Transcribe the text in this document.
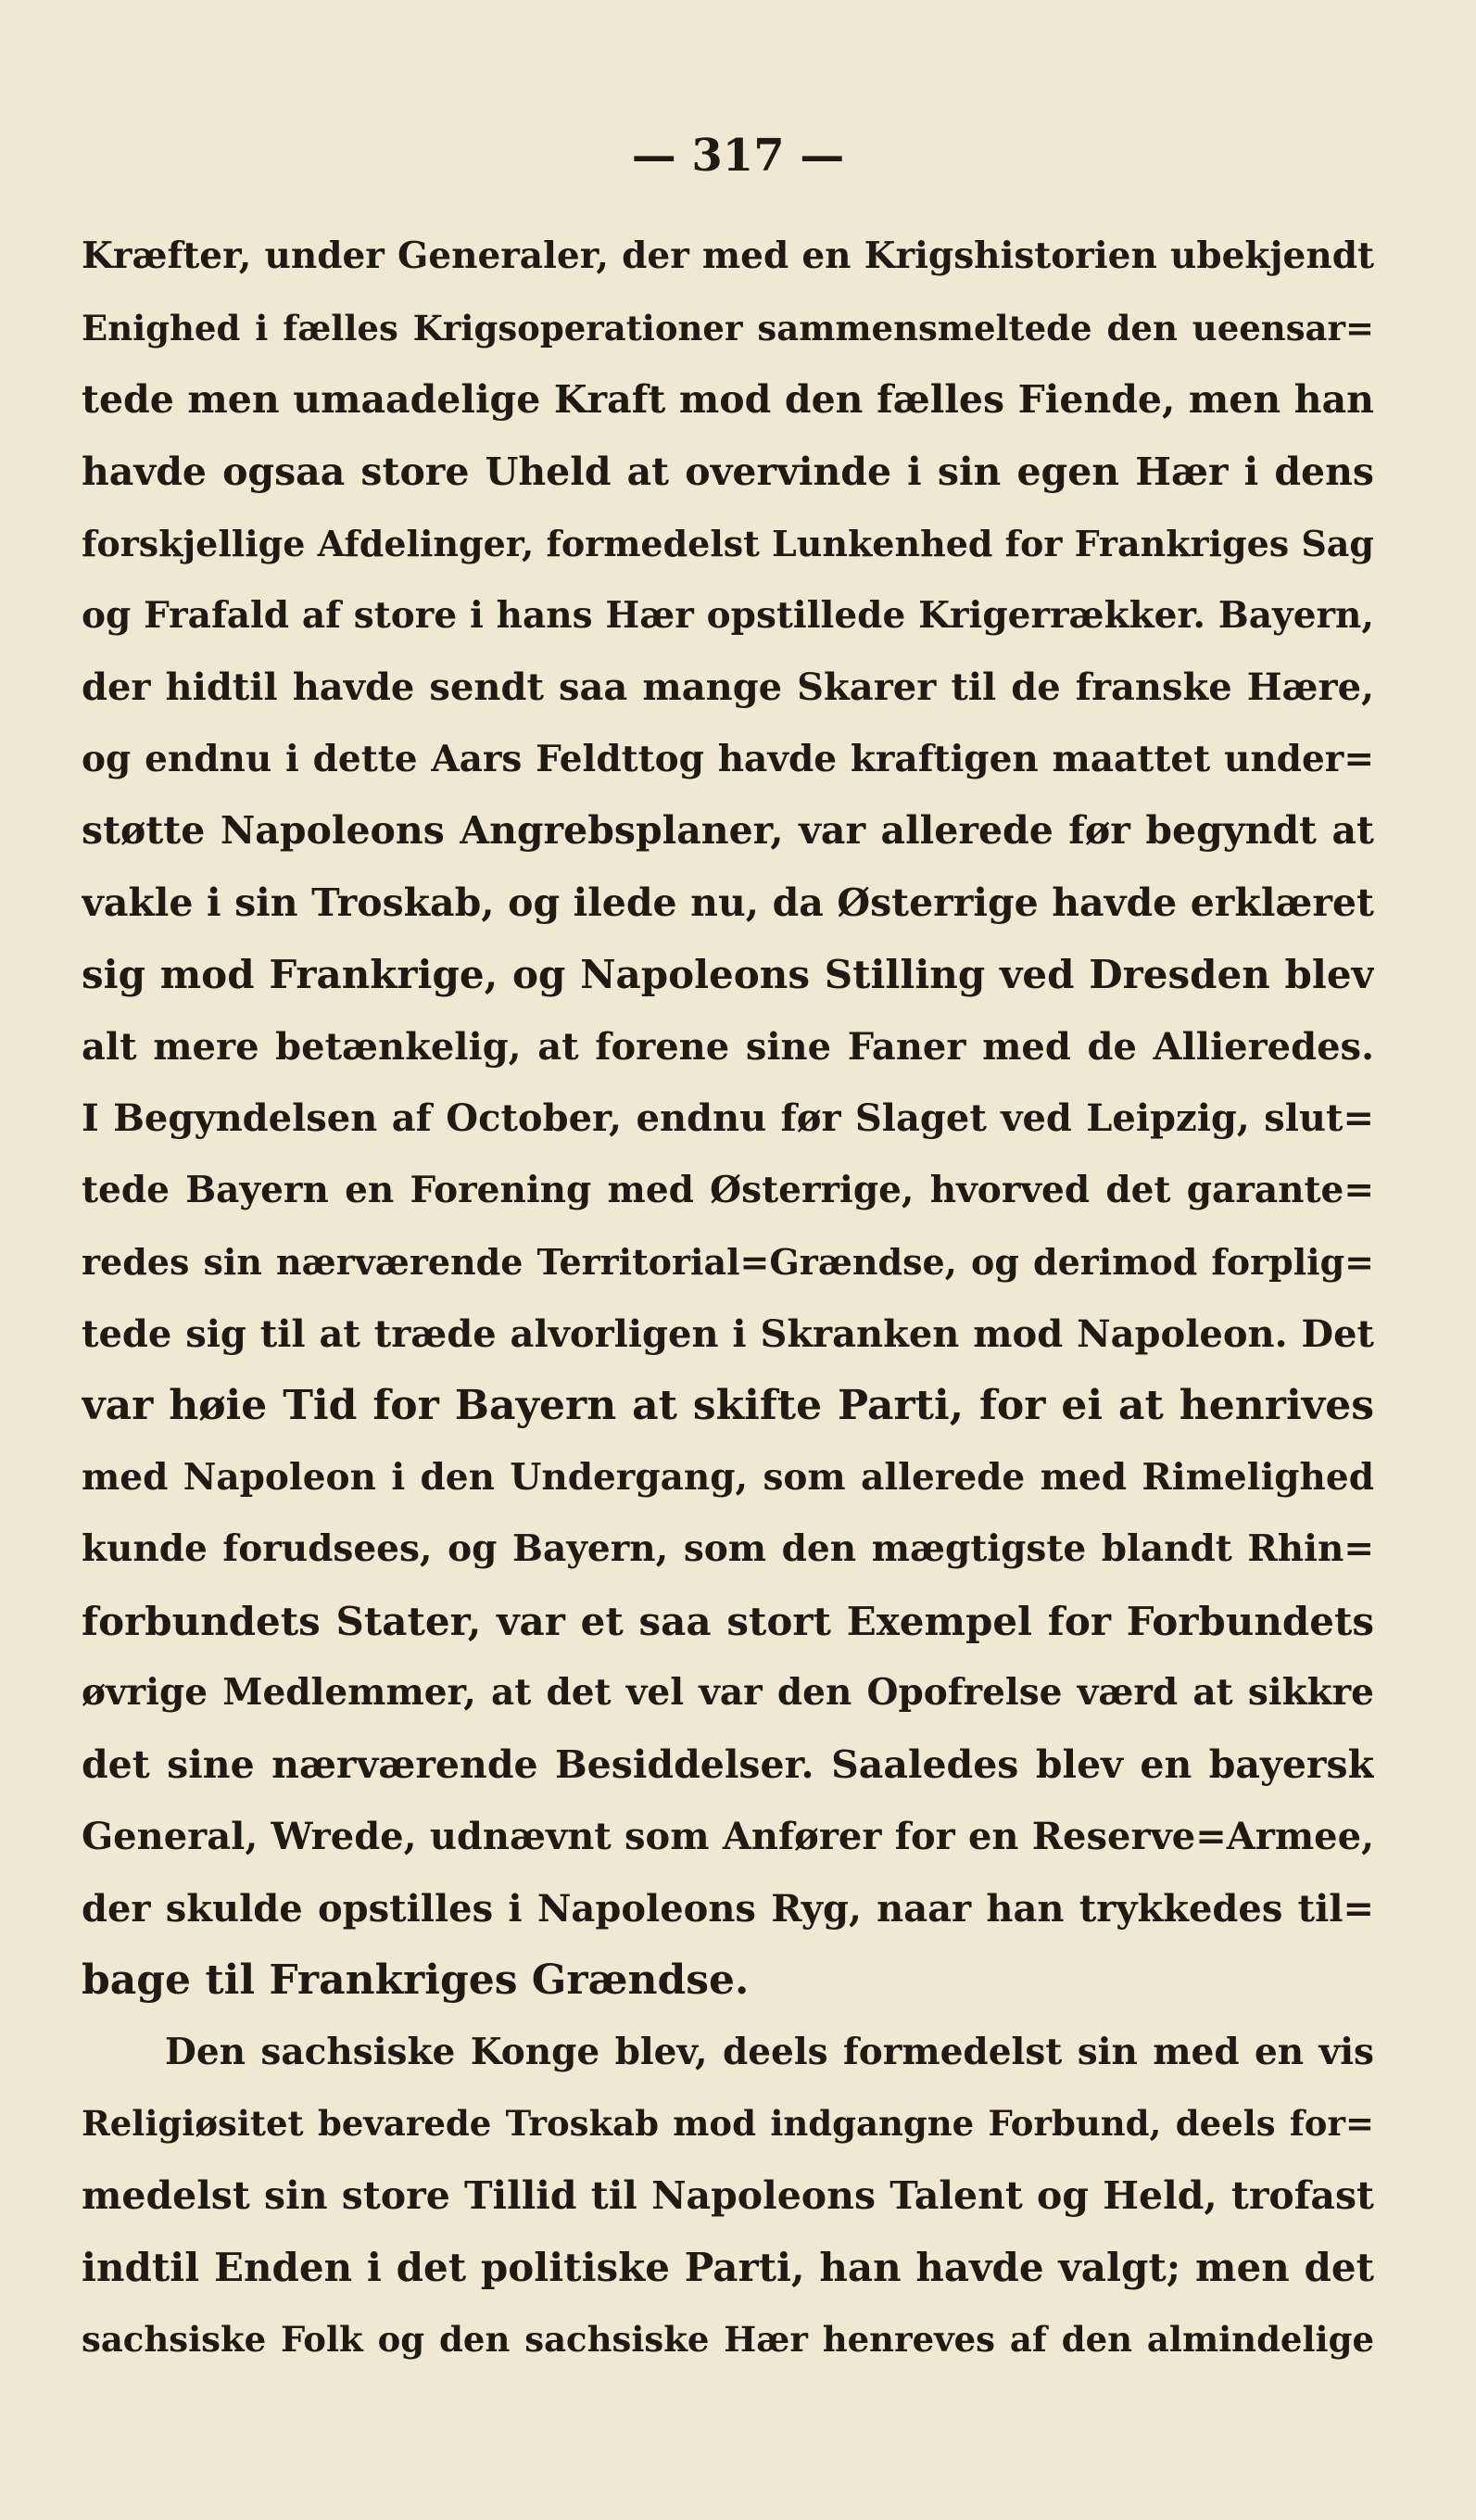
— 317 —
Kræfter, under Generaler, der med en Krigshistorien ubekjendt
Enighed i fælles Krigsoperationer sammensmeltede den ueensar=
tede men umaadelige Kraft mod den fælles Fiende, men han
havde ogsaa store Uheld at overvinde i sin egen Hær i dens
forskjellige Afdelinger, formedelst Lunkenhed for Frankriges Sag
og Frafald af store i hans Hær opstillede Krigerrækker. Bayern,
der hidtil havde sendt saa mange Skarer til de franske Hære,
og endnu i dette Aars Feldttog havde kraftigen maattet under=
støtte Napoleons Angrebsplaner, var allerede før begyndt at
vakle i sin Troskab, og ilede nu, da Østerrige havde erklæret
sig mod Frankrige, og Napoleons Stilling ved Dresden blev
alt mere betænkelig, at forene sine Faner med de Allieredes.
I Begyndelsen af October, endnu før Slaget ved Leipzig, slut=
tede Bayern en Forening med Østerrige, hvorved det garante=
redes sin nærværende Territorial=Grændse, og derimod forplig=
tede sig til at træde alvorligen i Skranken mod Napoleon. Det
var høie Tid for Bayern at skifte Parti, for ei at henrives
med Napoleon i den Undergang, som allerede med Rimelighed
kunde forudsees, og Bayern, som den mægtigste blandt Rhin=
forbundets Stater, var et saa stort Exempel for Forbundets
øvrige Medlemmer, at det vel var den Opofrelse værd at sikkre
det sine nærværende Besiddelser. Saaledes blev en bayersk
General, Wrede, udnævnt som Anfører for en Reserve=Armee,
der skulde opstilles i Napoleons Ryg, naar han trykkedes til=
bage til Frankriges Grændse.
Den sachsiske Konge blev, deels formedelst sin med en vis
Religiøsitet bevarede Troskab mod indgangne Forbund, deels for=
medelst sin store Tillid til Napoleons Talent og Held, trofast
indtil Enden i det politiske Parti, han havde valgt; men det
sachsiske Folk og den sachsiske Hær henreves af den almindelige
